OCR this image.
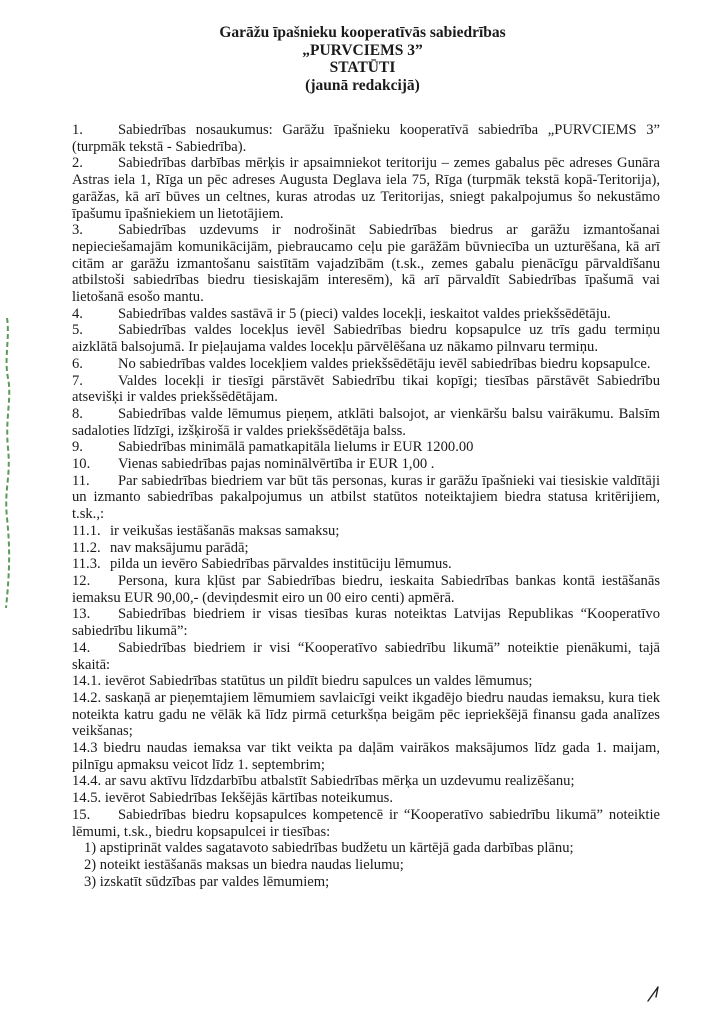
Garāžu īpašnieku kooperatīvās sabiedrības
„PURVCIEMS 3”
STATŪTI
(jaunā redakcijā)

1. Sabiedrības nosaukumus: Garāžu īpašnieku kooperatīvā sabiedrība „PURVCIEMS 3” (turpmāk tekstā - Sabiedrība).

2. Sabiedrības darbības mērķis ir apsaimniekot teritoriju – zemes gabalus pēc adreses Gunāra Astras iela 1, Rīga un pēc adreses Augusta Deglava iela 75, Rīga (turpmāk tekstā kopā-Teritorija), garāžas, kā arī būves un celtnes, kuras atrodas uz Teritorijas, sniegt pakalpojumus šo nekustāmo īpašumu īpašniekiem un lietotājiem.

3. Sabiedrības uzdevums ir nodrošināt Sabiedrības biedrus ar garāžu izmantošanai nepieciešamajām komunikācijām, piebraucamo ceļu pie garāžām būvniecība un uzturēšana, kā arī citām ar garāžu izmantošanu saistītām vajadzībām (t.sk., zemes gabalu pienācīgu pārvaldīšanu atbilstoši sabiedrības biedru tiesiskajām interesēm), kā arī pārvaldīt Sabiedrības īpašumā vai lietošanā esošo mantu.

4. Sabiedrības valdes sastāvā ir 5 (pieci) valdes locekļi, ieskaitot valdes priekšsēdētāju.

5. Sabiedrības valdes locekļus ievēl Sabiedrības biedru kopsapulce uz trīs gadu termiņu aizklātā balsojumā. Ir pieļaujama valdes locekļu pārvēlēšana uz nākamo pilnvaru termiņu.

6. No sabiedrības valdes locekļiem valdes priekšsēdētāju ievēl sabiedrības biedru kopsapulce.

7. Valdes locekļi ir tiesīgi pārstāvēt Sabiedrību tikai kopīgi; tiesības pārstāvēt Sabiedrību atsevišķi ir valdes priekšsēdētājam.

8. Sabiedrības valde lēmumus pieņem, atklāti balsojot, ar vienkāršu balsu vairākumu. Balsīm sadaloties līdzīgi, izšķirošā ir valdes priekšsēdētāja balss.

9. Sabiedrības minimālā pamatkapitāla lielums ir EUR 1200.00

10. Vienas sabiedrības pajas nominālvērtība ir EUR 1,00 .

11. Par sabiedrības biedriem var būt tās personas, kuras ir garāžu īpašnieki vai tiesiskie valdītāji un izmanto sabiedrības pakalpojumus un atbilst statūtos noteiktajiem biedra statusa kritērijiem, t.sk.,:

11.1. ir veikušas iestāšanās maksas samaksu;

11.2. nav maksājumu parādā;

11.3. pilda un ievēro Sabiedrības pārvaldes institūciju lēmumus.

12. Persona, kura kļūst par Sabiedrības biedru, ieskaita Sabiedrības bankas kontā iestāšanās iemaksu EUR 90,00,- (deviņdesmit eiro un 00 eiro centi) apmērā.

13. Sabiedrības biedriem ir visas tiesības kuras noteiktas Latvijas Republikas “Kooperatīvo sabiedrību likumā”:

14. Sabiedrības biedriem ir visi “Kooperatīvo sabiedrību likumā” noteiktie pienākumi, tajā skaitā:

14.1. ievērot Sabiedrības statūtus un pildīt biedru sapulces un valdes lēmumus;

14.2. saskaņā ar pieņemtajiem lēmumiem savlaicīgi veikt ikgadējo biedru naudas iemaksu, kura tiek noteikta katru gadu ne vēlāk kā līdz pirmā ceturkšņa beigām pēc iepriekšējā finansu gada analīzes veikšanas;

14.3 biedru naudas iemaksa var tikt veikta pa daļām vairākos maksājumos līdz gada 1. maijam, pilnīgu apmaksu veicot līdz 1. septembrim;

14.4. ar savu aktīvu līdzdarbību atbalstīt Sabiedrības mērķa un uzdevumu realizēšanu;

14.5. ievērot Sabiedrības Iekšējās kārtības noteikumus.

15. Sabiedrības biedru kopsapulces kompetencē ir “Kooperatīvo sabiedrību likumā” noteiktie lēmumi, t.sk., biedru kopsapulcei ir tiesības:

1) apstiprināt valdes sagatavoto sabiedrības budžetu un kārtējā gada darbības plānu;

2) noteikt iestāšanās maksas un biedra naudas lielumu;

3) izskatīt sūdzības par valdes lēmumiem;
